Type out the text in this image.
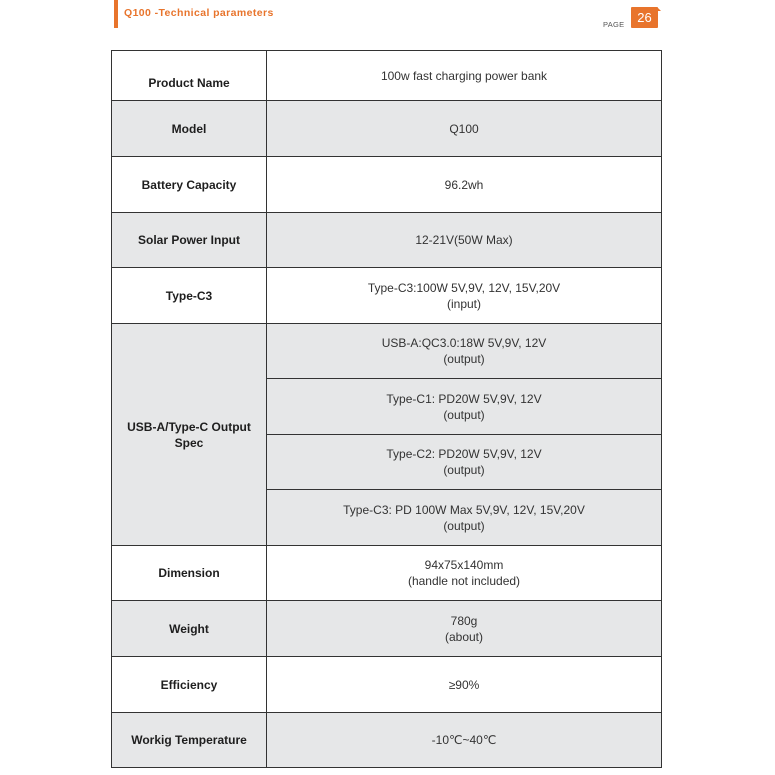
Q100 -Technical parameters
PAGE 26
Product Name	100w fast charging power bank
Model	Q100
Battery Capacity	96.2wh
Solar Power Input	12-21V(50W Max)
Type-C3	Type-C3:100W 5V,9V, 12V, 15V,20V
(input)

USB-A/Type-C Output
Spec	USB-A:QC3.0:18W 5V,9V, 12V
(output)

	Type-C1: PD20W 5V,9V, 12V
(output)

	Type-C2: PD20W 5V,9V, 12V
(output)

	Type-C3: PD 100W Max 5V,9V, 12V, 15V,20V
(output)

Dimension	94x75x140mm
(handle not included)

Weight	780g
(about)

Efficiency	≥90%
Workig Temperature	-10℃~40℃
